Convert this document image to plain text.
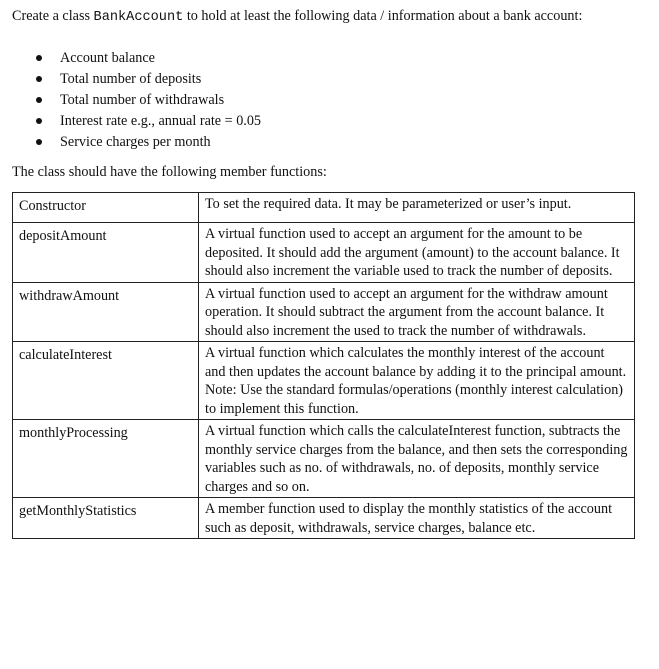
Create a class BankAccount to hold at least the following data / information about a bank account:

Account balance
Total number of deposits
Total number of withdrawals
Interest rate e.g., annual rate = 0.05
Service charges per month

The class should have the following member functions:

Constructor	To set the required data. It may be parameterized or user’s input.
depositAmount	A virtual function used to accept an argument for the amount to be deposited. It should add the argument (amount) to the account balance. It should also increment the variable used to track the number of deposits.
withdrawAmount	A virtual function used to accept an argument for the withdraw amount operation. It should subtract the argument from the account balance. It should also increment the used to track the number of withdrawals.
calculateInterest	A virtual function which calculates the monthly interest of the account and then updates the account balance by adding it to the principal amount.
Note: Use the standard formulas/operations (monthly interest calculation) to implement this function.

monthlyProcessing	A virtual function which calls the calculateInterest function, subtracts the monthly service charges from the balance, and then sets the corresponding variables such as no. of withdrawals, no. of deposits, monthly service charges and so on.
getMonthlyStatistics	A member function used to display the monthly statistics of the account such as deposit, withdrawals, service charges, balance etc.
